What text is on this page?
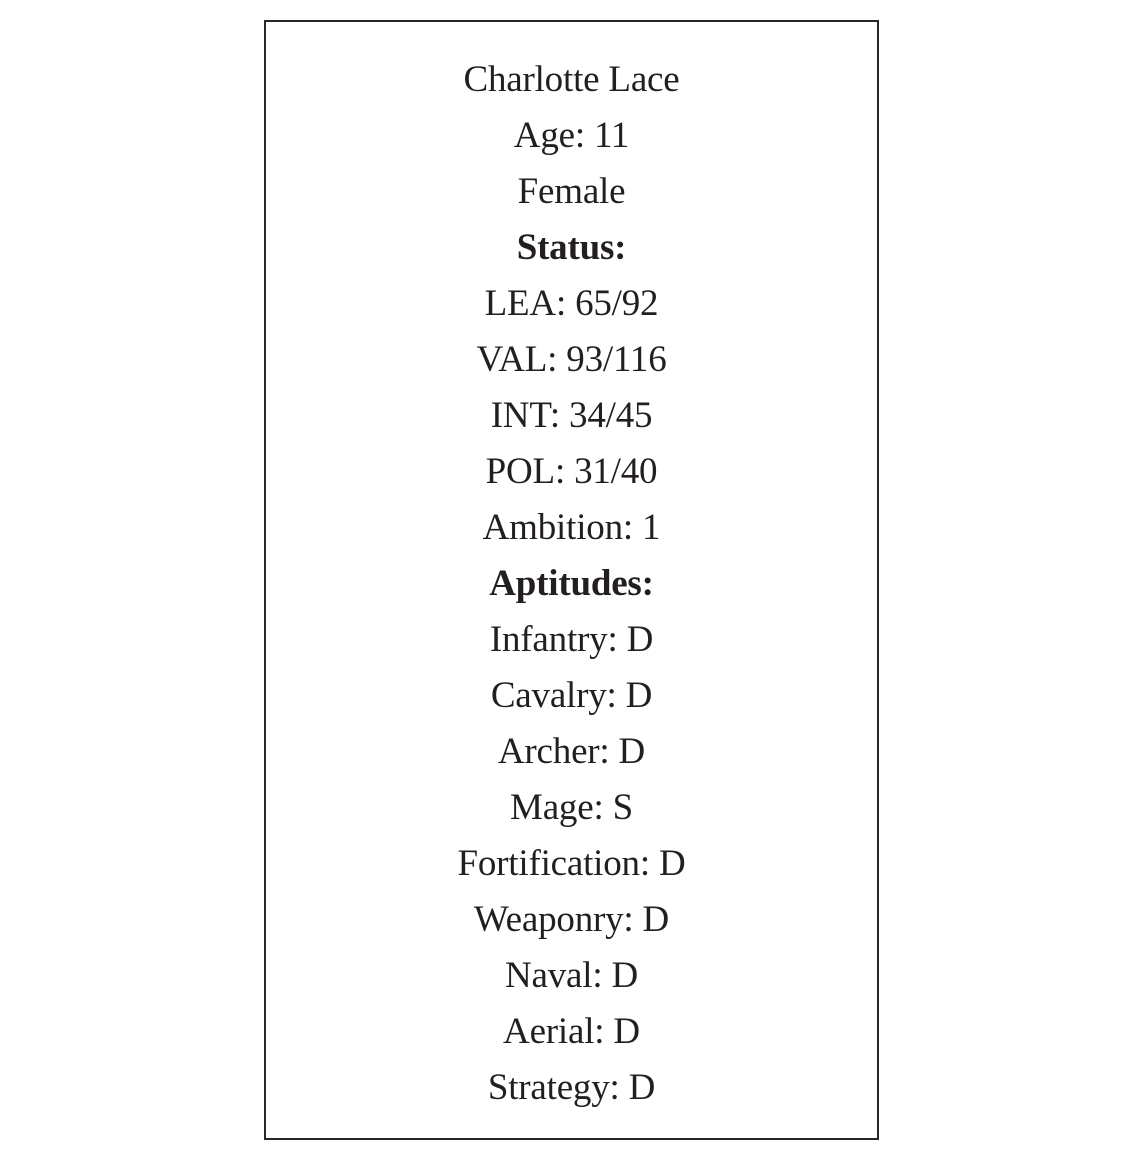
Charlotte Lace
Age: 11
Female
Status:
LEA: 65/92
VAL: 93/116
INT: 34/45
POL: 31/40
Ambition: 1
Aptitudes:
Infantry: D
Cavalry: D
Archer: D
Mage: S
Fortification: D
Weaponry: D
Naval: D
Aerial: D
Strategy: D
